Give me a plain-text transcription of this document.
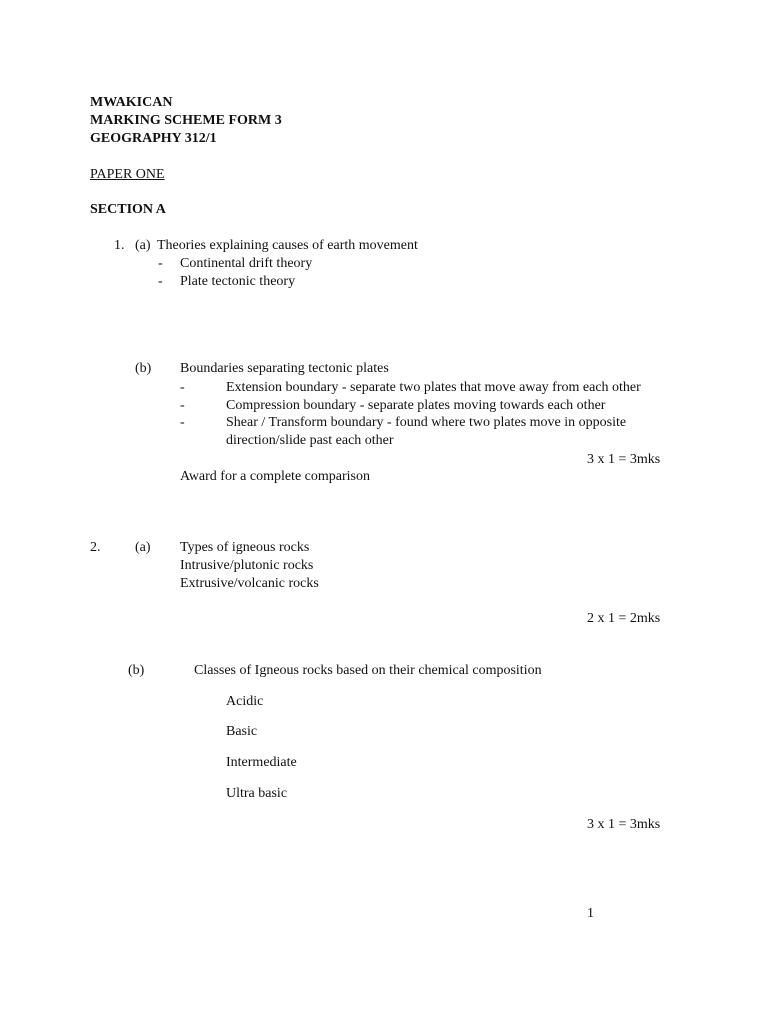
MWAKICAN
MARKING SCHEME FORM 3
GEOGRAPHY 312/1
PAPER ONE
SECTION A
1. (a) Theories explaining causes of earth movement
- Continental drift theory
- Plate tectonic theory
(b) Boundaries separating tectonic plates
-	Extension boundary - separate two plates that move away from each other
-	Compression boundary - separate plates moving towards each other
-	Shear / Transform boundary - found where two plates move in opposite
direction/slide past each other
3 x 1 = 3mks
Award for a complete comparison
2. (a) Types of igneous rocks
Intrusive/plutonic rocks
Extrusive/volcanic rocks
2 x 1 = 2mks
(b)	Classes of Igneous rocks based on their chemical composition
Acidic
Basic
Intermediate
Ultra basic
3 x 1 = 3mks
1
